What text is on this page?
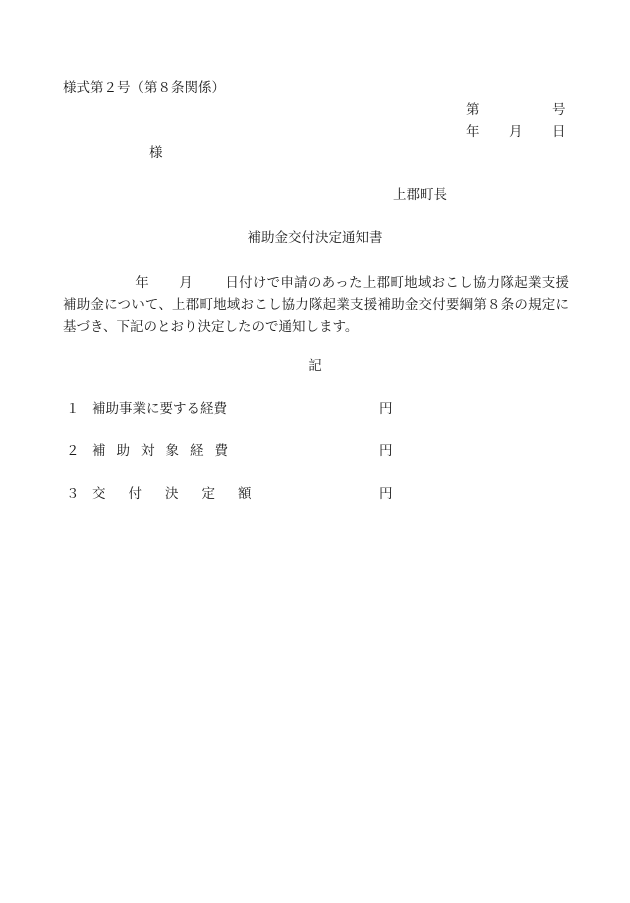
様式第２号（第８条関係）
第	号
年 月 日
様
上郡町長
補助金交付決定通知書
年 月 日付けで申請のあった上郡町地域おこし協力隊起業支援補助金について、上郡町地域おこし協力隊起業支援補助金交付要綱第８条の規定に基づき、下記のとおり決定したので通知します。
記
１ 補助事業に要する経費	円
２ 補助対象経費	円
３ 交付決定額	円
